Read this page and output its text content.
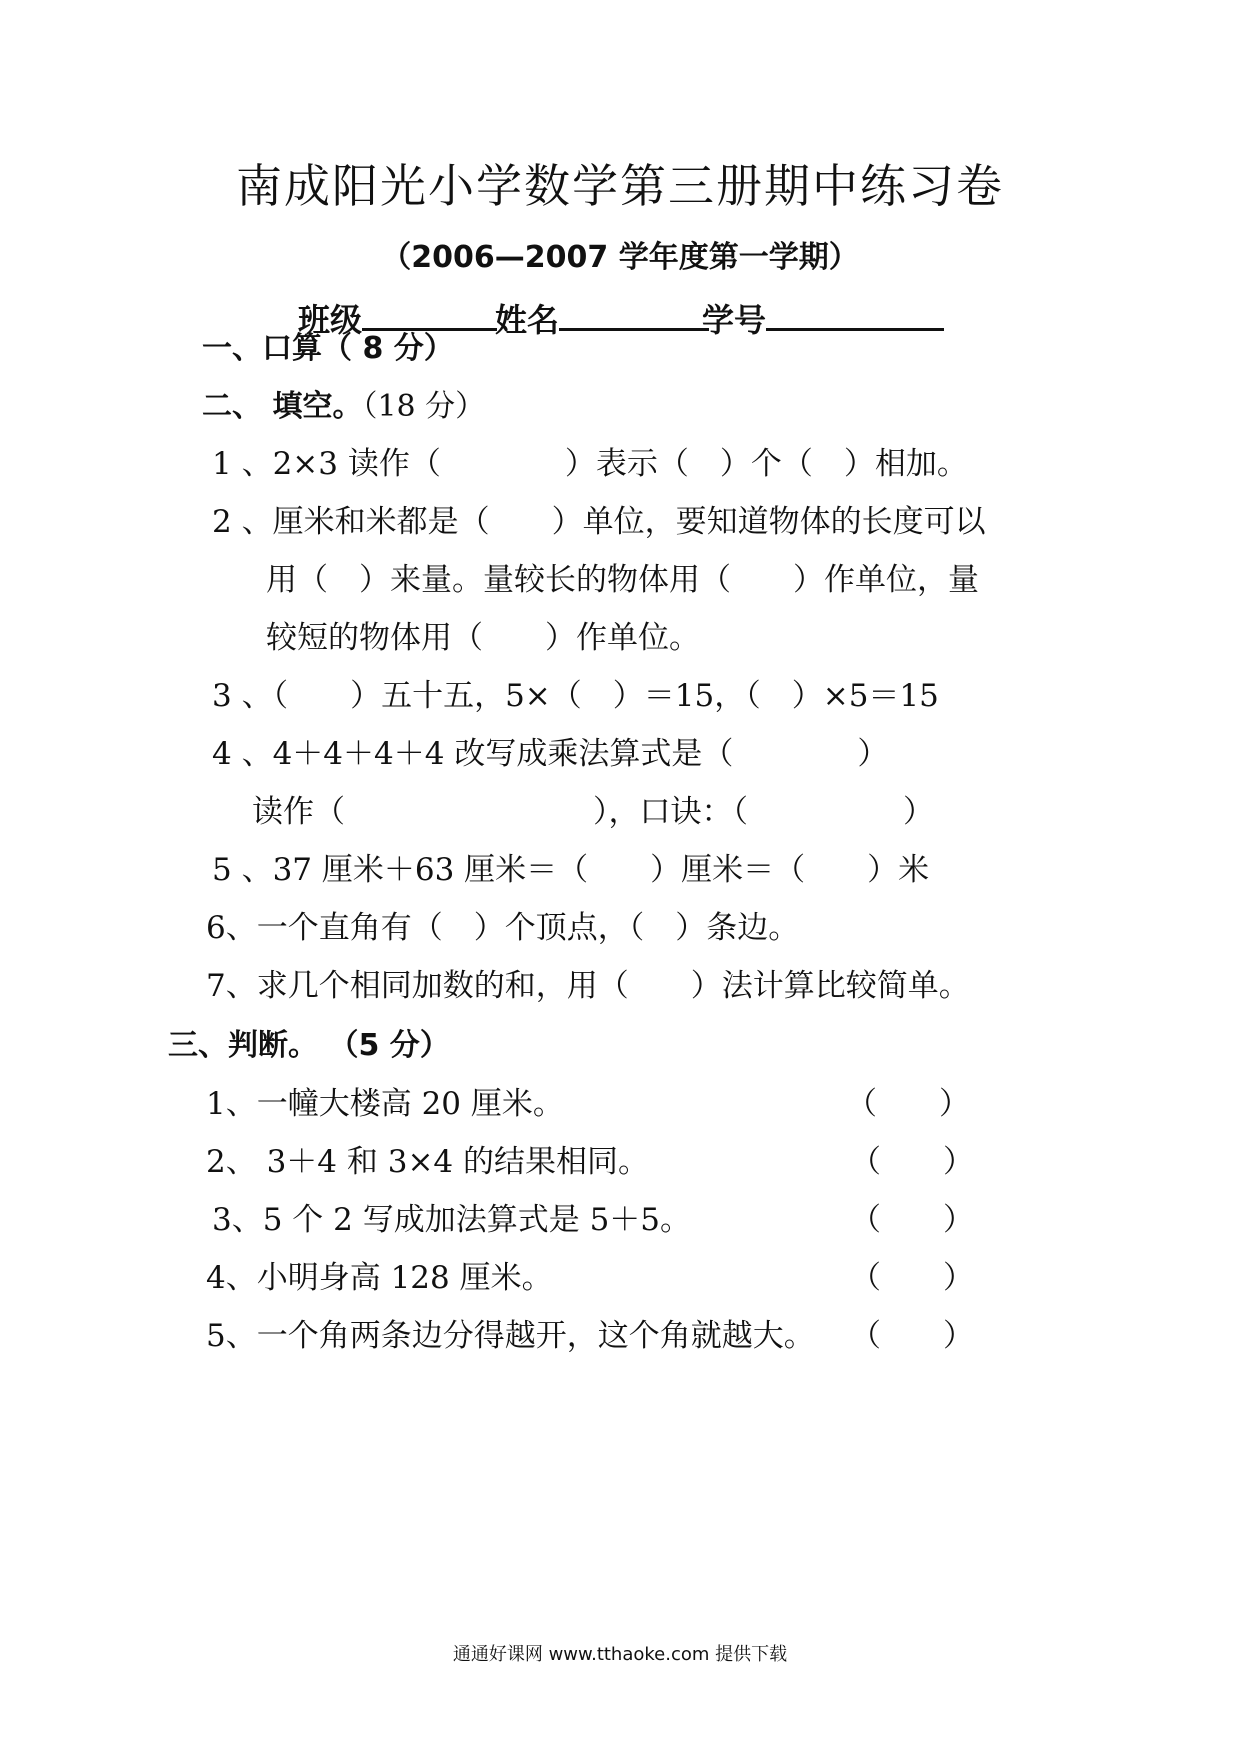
南成阳光小学数学第三册期中练习卷
（2006—2007 学年度第一学期）
班级	姓名	学号
一、口算（ 8 分）
二、 填空。（18 分）
1 、2×3 读作（　　　　）表示（　）个（　）相加。
2 、厘米和米都是（　　）单位，要知道物体的长度可以
用（　）来量。量较长的物体用（　　）作单位，量
较短的物体用（　　）作单位。
3 、（　　）五十五，5×（　）＝15，（　）×5＝15
4 、4＋4＋4＋4 改写成乘法算式是（　　　　）
读作（　　　　　　　　），口诀：（　　　　　）
5 、37 厘米＋63 厘米＝（　　）厘米＝（　　）米
6、一个直角有（　）个顶点，（　）条边。
7、求几个相同加数的和，用（　　）法计算比较简单。
三、判断。 （5 分）
1、一幢大楼高 20 厘米。	（　　）
2、 3＋4 和 3×4 的结果相同。	（　　）
3、5 个 2 写成加法算式是 5＋5。	（　　）
4、小明身高 128 厘米。	（　　）
5、一个角两条边分得越开，这个角就越大。 （　　）
通通好课网 www.tthaoke.com 提供下载
